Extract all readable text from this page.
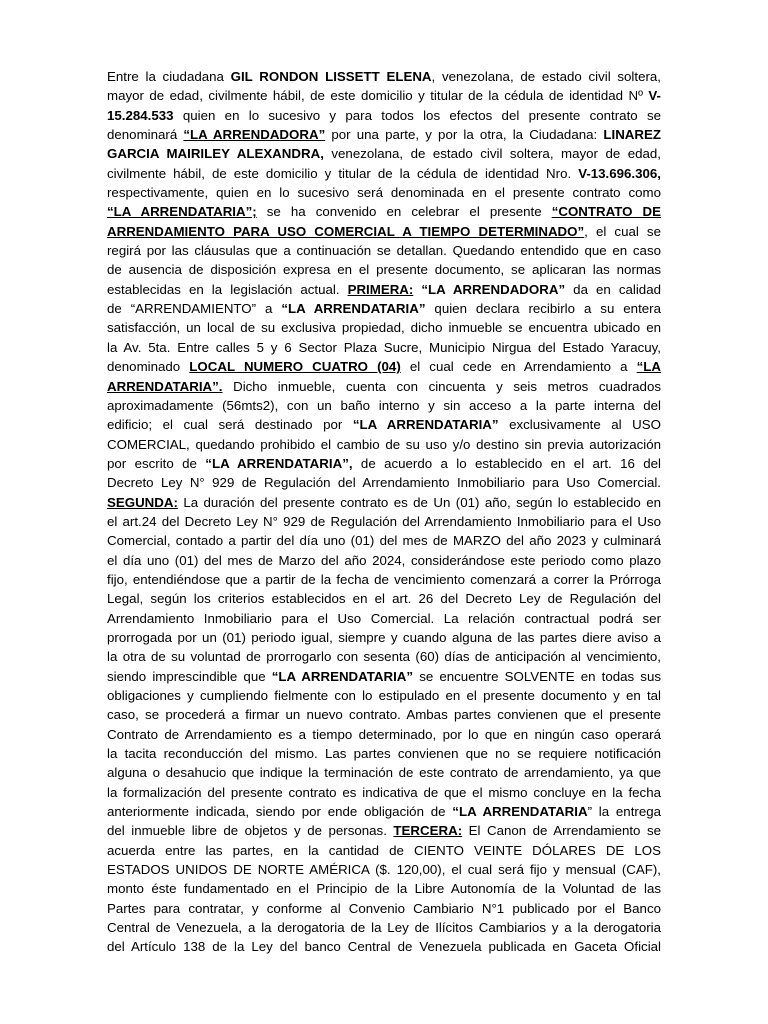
Entre la ciudadana GIL RONDON LISSETT ELENA, venezolana, de estado civil soltera,
mayor de edad, civilmente hábil, de este domicilio y titular de la cédula de identidad Nº V-
15.284.533 quien en lo sucesivo y para todos los efectos del presente contrato se
denominará “LA ARRENDADORA” por una parte, y por la otra, la Ciudadana: LINAREZ
GARCIA MAIRILEY ALEXANDRA, venezolana, de estado civil soltera, mayor de edad,
civilmente hábil, de este domicilio y titular de la cédula de identidad Nro. V-13.696.306,
respectivamente, quien en lo sucesivo será denominada en el presente contrato como
“LA ARRENDATARIA”; se ha convenido en celebrar el presente “CONTRATO DE
ARRENDAMIENTO PARA USO COMERCIAL A TIEMPO DETERMINADO”, el cual se
regirá por las cláusulas que a continuación se detallan. Quedando entendido que en caso
de ausencia de disposición expresa en el presente documento, se aplicaran las normas
establecidas en la legislación actual. PRIMERA: “LA ARRENDADORA” da en calidad
de “ARRENDAMIENTO” a “LA ARRENDATARIA” quien declara recibirlo a su entera
satisfacción, un local de su exclusiva propiedad, dicho inmueble se encuentra ubicado en
la Av. 5ta. Entre calles 5 y 6 Sector Plaza Sucre, Municipio Nirgua del Estado Yaracuy,
denominado LOCAL NUMERO CUATRO (04) el cual cede en Arrendamiento a “LA
ARRENDATARIA”. Dicho inmueble, cuenta con cincuenta y seis metros cuadrados
aproximadamente (56mts2), con un baño interno y sin acceso a la parte interna del
edificio; el cual será destinado por “LA ARRENDATARIA” exclusivamente al USO
COMERCIAL, quedando prohibido el cambio de su uso y/o destino sin previa autorización
por escrito de “LA ARRENDATARIA”, de acuerdo a lo establecido en el art. 16 del
Decreto Ley N° 929 de Regulación del Arrendamiento Inmobiliario para Uso Comercial.
SEGUNDA: La duración del presente contrato es de Un (01) año, según lo establecido en
el art.24 del Decreto Ley N° 929 de Regulación del Arrendamiento Inmobiliario para el Uso
Comercial, contado a partir del día uno (01) del mes de MARZO del año 2023 y culminará
el día uno (01) del mes de Marzo del año 2024, considerándose este periodo como plazo
fijo, entendiéndose que a partir de la fecha de vencimiento comenzará a correr la Prórroga
Legal, según los criterios establecidos en el art. 26 del Decreto Ley de Regulación del
Arrendamiento Inmobiliario para el Uso Comercial. La relación contractual podrá ser
prorrogada por un (01) periodo igual, siempre y cuando alguna de las partes diere aviso a
la otra de su voluntad de prorrogarlo con sesenta (60) días de anticipación al vencimiento,
siendo imprescindible que “LA ARRENDATARIA” se encuentre SOLVENTE en todas sus
obligaciones y cumpliendo fielmente con lo estipulado en el presente documento y en tal
caso, se procederá a firmar un nuevo contrato. Ambas partes convienen que el presente
Contrato de Arrendamiento es a tiempo determinado, por lo que en ningún caso operará
la tacita reconducción del mismo. Las partes convienen que no se requiere notificación
alguna o desahucio que indique la terminación de este contrato de arrendamiento, ya que
la formalización del presente contrato es indicativa de que el mismo concluye en la fecha
anteriormente indicada, siendo por ende obligación de “LA ARRENDATARIA” la entrega
del inmueble libre de objetos y de personas. TERCERA: El Canon de Arrendamiento se
acuerda entre las partes, en la cantidad de CIENTO VEINTE DÓLARES DE LOS
ESTADOS UNIDOS DE NORTE AMÉRICA ($. 120,00), el cual será fijo y mensual (CAF),
monto éste fundamentado en el Principio de la Libre Autonomía de la Voluntad de las
Partes para contratar, y conforme al Convenio Cambiario N°1 publicado por el Banco
Central de Venezuela, a la derogatoria de la Ley de Ilícitos Cambiarios y a la derogatoria
del Artículo 138 de la Ley del banco Central de Venezuela publicada en Gaceta Oficial
